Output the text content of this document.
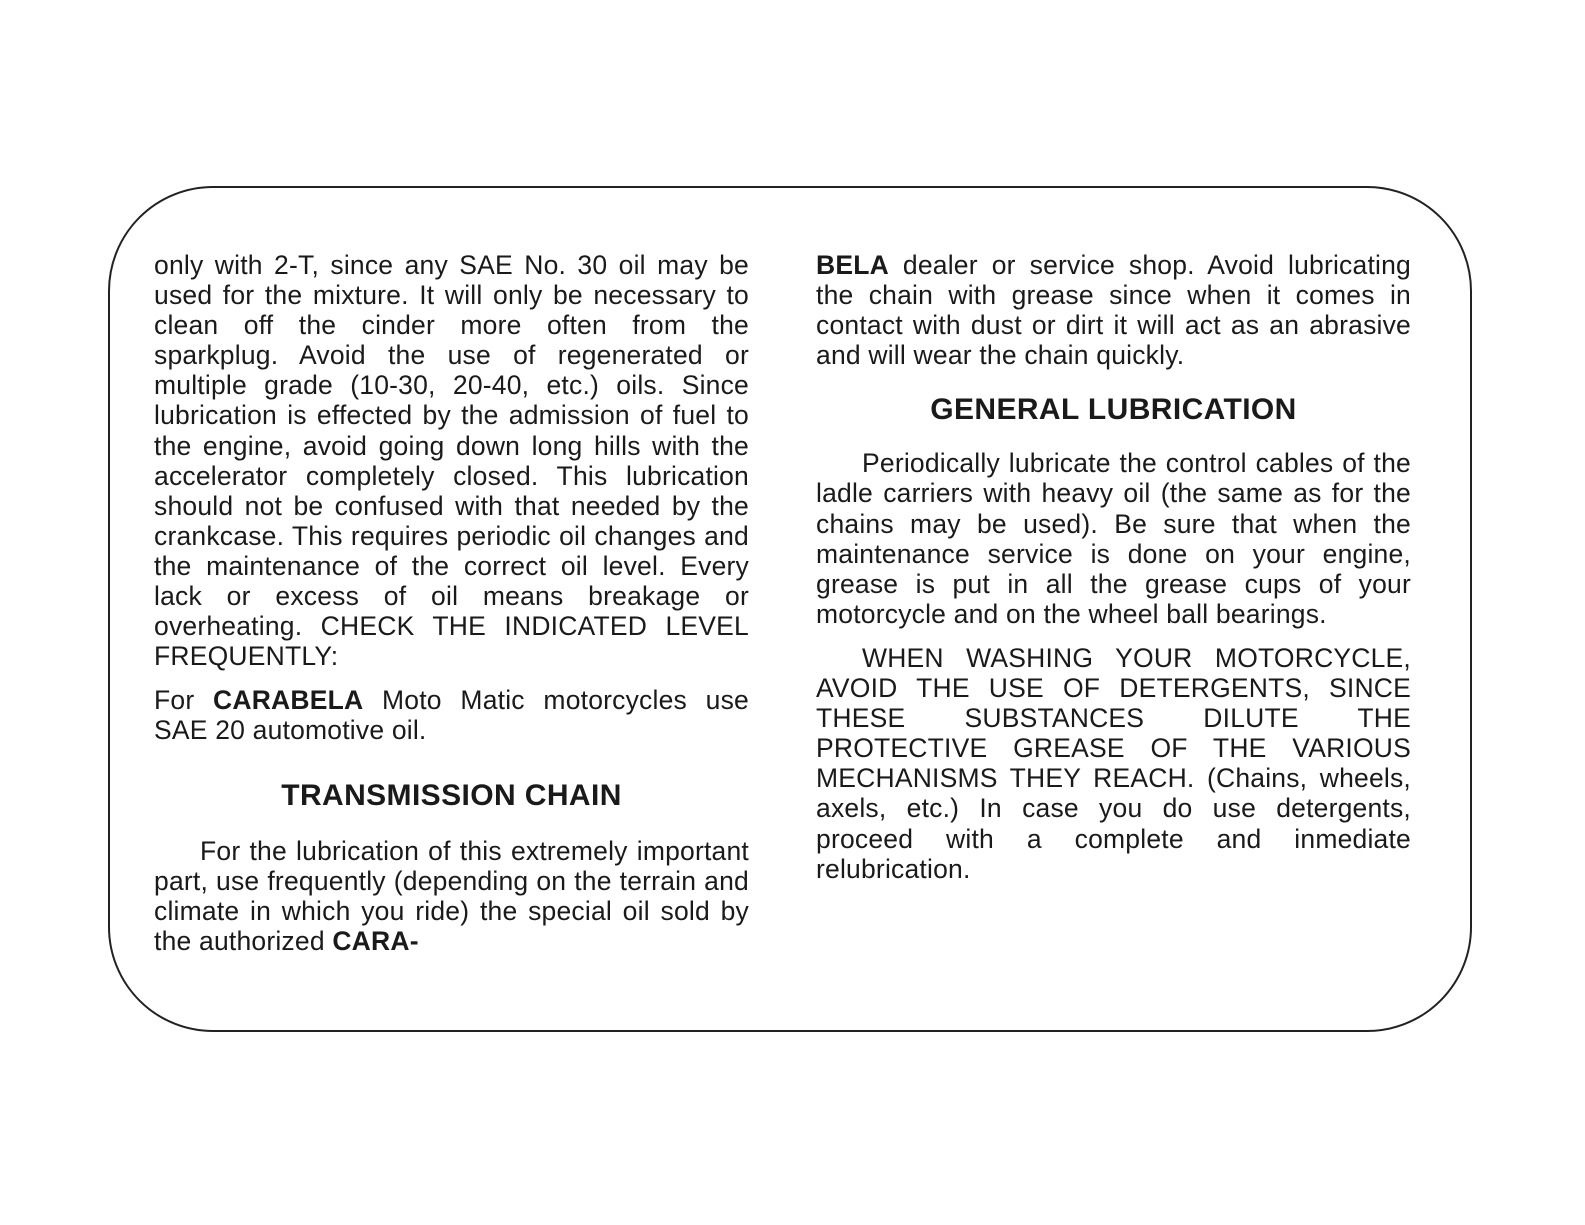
only with 2-T, since any SAE No. 30 oil may be used for the mixture. It will only be necessary to clean off the cinder more often from the sparkplug. Avoid the use of regenerated or multiple grade (10-30, 20-40, etc.) oils. Since lubrication is effected by the admission of fuel to the engine, avoid going down long hills with the accelerator completely closed. This lubrication should not be confused with that needed by the crankcase. This requires periodic oil changes and the maintenance of the correct oil level. Every lack or excess of oil means breakage or overheating. CHECK THE INDICATED LEVEL FREQUENTLY:

For CARABELA Moto Matic motorcycles use SAE 20 automotive oil.

TRANSMISSION CHAIN

For the lubrication of this extremely important part, use frequently (depending on the terrain and climate in which you ride) the special oil sold by the authorized CARA-

BELA dealer or service shop. Avoid lubricating the chain with grease since when it comes in contact with dust or dirt it will act as an abrasive and will wear the chain quickly.

GENERAL LUBRICATION

Periodically lubricate the control cables of the ladle carriers with heavy oil (the same as for the chains may be used). Be sure that when the maintenance service is done on your engine, grease is put in all the grease cups of your motorcycle and on the wheel ball bearings.

WHEN WASHING YOUR MOTORCYCLE, AVOID THE USE OF DETERGENTS, SINCE THESE SUBSTANCES DILUTE THE PROTECTIVE GREASE OF THE VARIOUS MECHANISMS THEY REACH. (Chains, wheels, axels, etc.) In case you do use detergents, proceed with a complete and inmediate relubrication.
